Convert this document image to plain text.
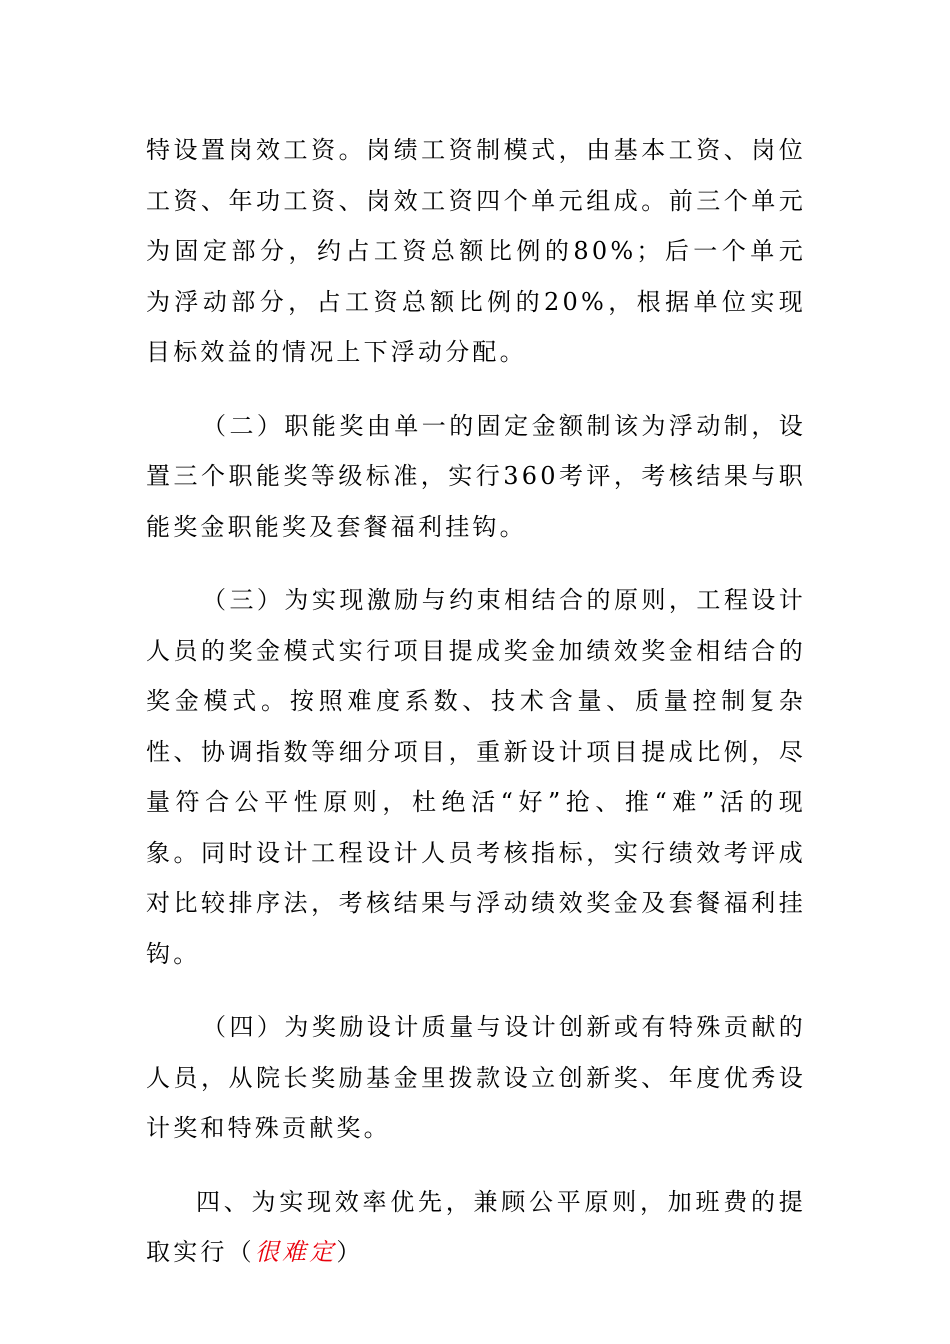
特设置岗效工资。岗绩工资制模式，由基本工资、岗位工资、年功工资、岗效工资四个单元组成。前三个单元为固定部分，约占工资总额比例的80%；后一个单元为浮动部分，占工资总额比例的20%，根据单位实现目标效益的情况上下浮动分配。

（二）职能奖由单一的固定金额制该为浮动制，设置三个职能奖等级标准，实行360考评，考核结果与职能奖金职能奖及套餐福利挂钩。

（三）为实现激励与约束相结合的原则，工程设计人员的奖金模式实行项目提成奖金加绩效奖金相结合的奖金模式。按照难度系数、技术含量、质量控制复杂性、协调指数等细分项目，重新设计项目提成比例，尽量符合公平性原则，杜绝活“好”抢、推“难”活的现象。同时设计工程设计人员考核指标，实行绩效考评成对比较排序法，考核结果与浮动绩效奖金及套餐福利挂钩。

（四）为奖励设计质量与设计创新或有特殊贡献的人员，从院长奖励基金里拨款设立创新奖、年度优秀设计奖和特殊贡献奖。

四、为实现效率优先，兼顾公平原则，加班费的提取实行（很难定）
